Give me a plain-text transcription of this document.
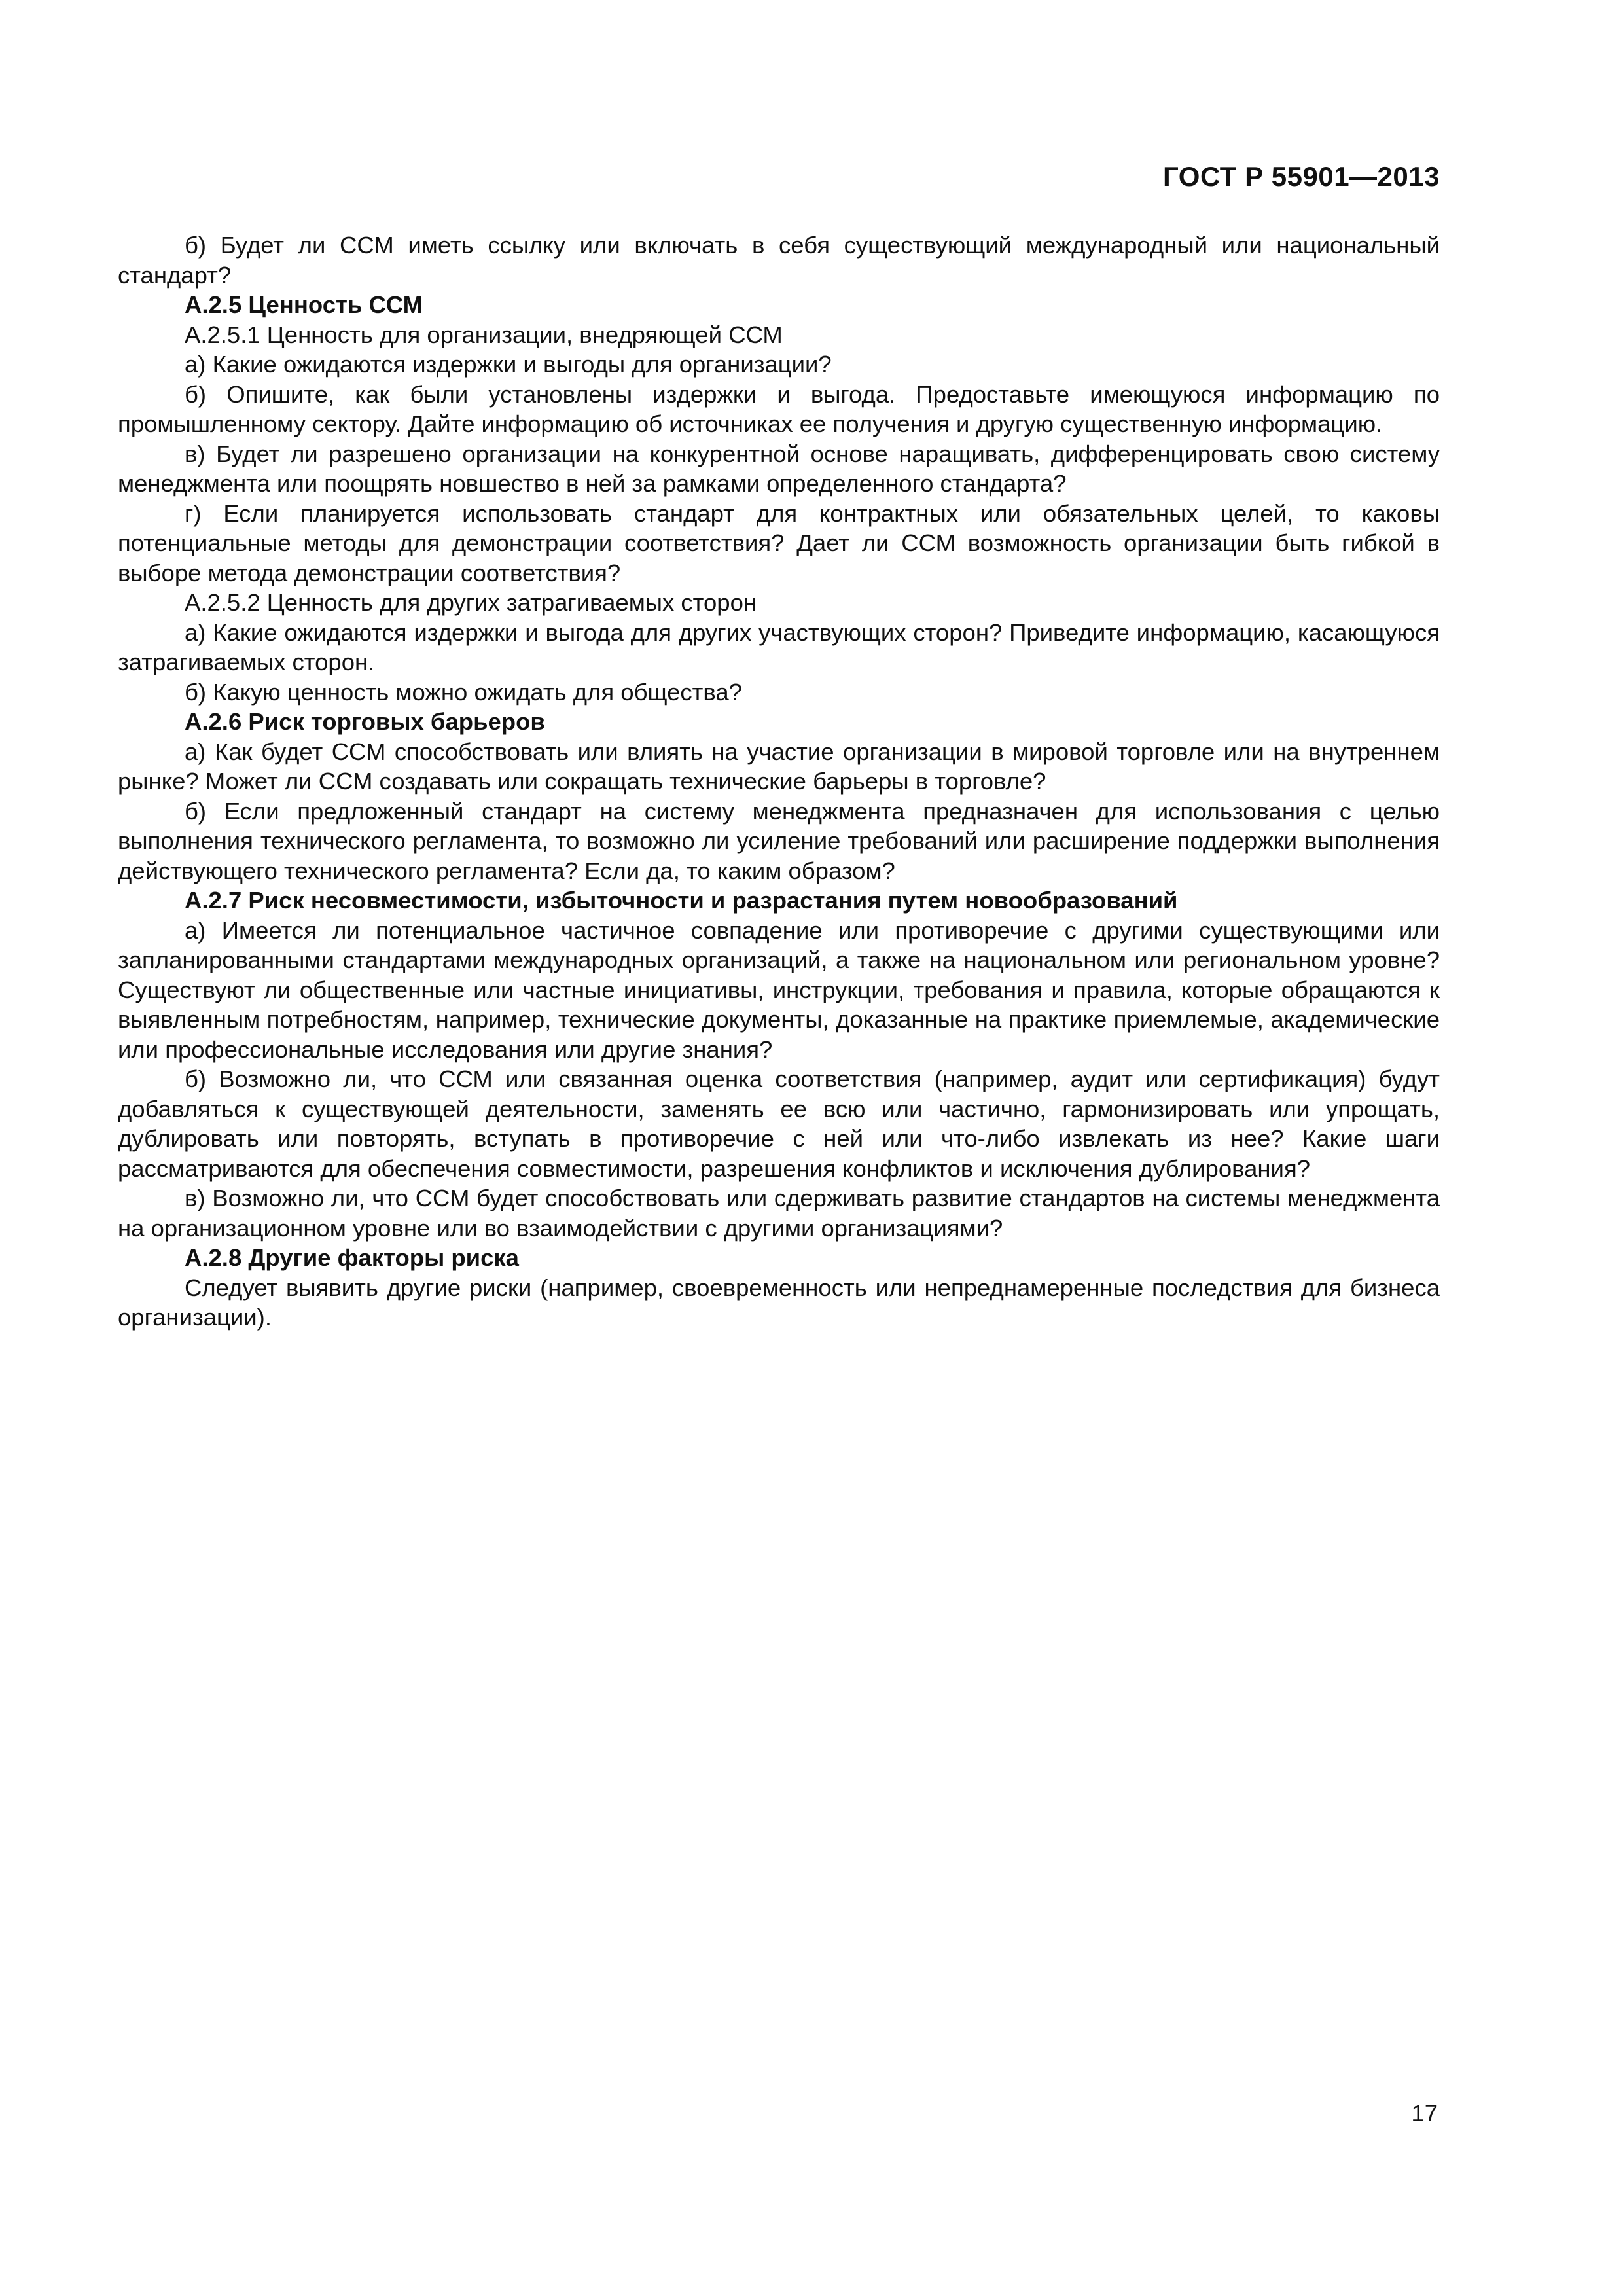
ГОСТ Р 55901—2013

б) Будет ли ССМ иметь ссылку или включать в себя существующий международный или национальный стандарт?

А.2.5 Ценность ССМ

А.2.5.1 Ценность для организации, внедряющей ССМ

а) Какие ожидаются издержки и выгоды для организации?

б) Опишите, как были установлены издержки и выгода. Предоставьте имеющуюся информацию по промышленному сектору. Дайте информацию об источниках ее получения и другую существенную информацию.

в) Будет ли разрешено организации на конкурентной основе наращивать, дифференцировать свою систему менеджмента или поощрять новшество в ней за рамками определенного стандарта?

г) Если планируется использовать стандарт для контрактных или обязательных целей, то каковы потенциальные методы для демонстрации соответствия? Дает ли ССМ возможность организации быть гибкой в выборе метода демонстрации соответствия?

А.2.5.2 Ценность для других затрагиваемых сторон

а) Какие ожидаются издержки и выгода для других участвующих сторон? Приведите информацию, касающуюся затрагиваемых сторон.

б) Какую ценность можно ожидать для общества?

А.2.6 Риск торговых барьеров

а) Как будет ССМ способствовать или влиять на участие организации в мировой торговле или на внутреннем рынке? Может ли ССМ создавать или сокращать технические барьеры в торговле?

б) Если предложенный стандарт на систему менеджмента предназначен для использования с целью выполнения технического регламента, то возможно ли усиление требований или расширение поддержки выполнения действующего технического регламента? Если да, то каким образом?

А.2.7 Риск несовместимости, избыточности и разрастания путем новообразований

а) Имеется ли потенциальное частичное совпадение или противоречие с другими существующими или запланированными стандартами международных организаций, а также на национальном или региональном уровне? Существуют ли общественные или частные инициативы, инструкции, требования и правила, которые обращаются к выявленным потребностям, например, технические документы, доказанные на практике приемлемые, академические или профессиональные исследования или другие знания?

б) Возможно ли, что ССМ или связанная оценка соответствия (например, аудит или сертификация) будут добавляться к существующей деятельности, заменять ее всю или частично, гармонизировать или упрощать, дублировать или повторять, вступать в противоречие с ней или что-либо извлекать из нее? Какие шаги рассматриваются для обеспечения совместимости, разрешения конфликтов и исключения дублирования?

в) Возможно ли, что ССМ будет способствовать или сдерживать развитие стандартов на системы менеджмента на организационном уровне или во взаимодействии с другими организациями?

А.2.8 Другие факторы риска

Следует выявить другие риски (например, своевременность или непреднамеренные последствия для бизнеса организации).

17
